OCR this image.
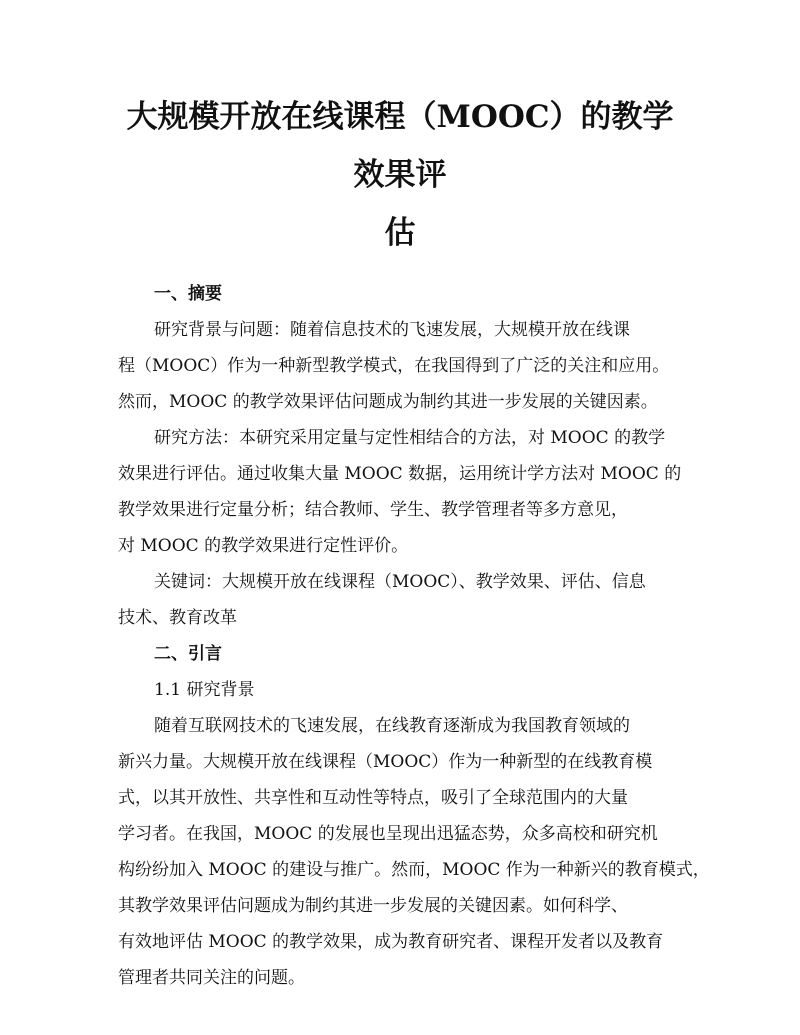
大规模开放在线课程（MOOC）的教学效果评
估
一、摘要

研究背景与问题：随着信息技术的飞速发展，大规模开放在线课
程（MOOC）作为一种新型教学模式，在我国得到了广泛的关注和应用。
然而，MOOC 的教学效果评估问题成为制约其进一步发展的关键因素。

研究方法：本研究采用定量与定性相结合的方法，对 MOOC 的教学
效果进行评估。通过收集大量 MOOC 数据，运用统计学方法对 MOOC 的
教学效果进行定量分析；结合教师、学生、教学管理者等多方意见，
对 MOOC 的教学效果进行定性评价。

关键词：大规模开放在线课程（MOOC）、教学效果、评估、信息
技术、教育改革

二、引言
1.1 研究背景

随着互联网技术的飞速发展，在线教育逐渐成为我国教育领域的
新兴力量。大规模开放在线课程（MOOC）作为一种新型的在线教育模
式，以其开放性、共享性和互动性等特点，吸引了全球范围内的大量
学习者。在我国，MOOC 的发展也呈现出迅猛态势，众多高校和研究机
构纷纷加入 MOOC 的建设与推广。然而，MOOC 作为一种新兴的教育模式，
其教学效果评估问题成为制约其进一步发展的关键因素。如何科学、
有效地评估 MOOC 的教学效果，成为教育研究者、课程开发者以及教育
管理者共同关注的问题。
